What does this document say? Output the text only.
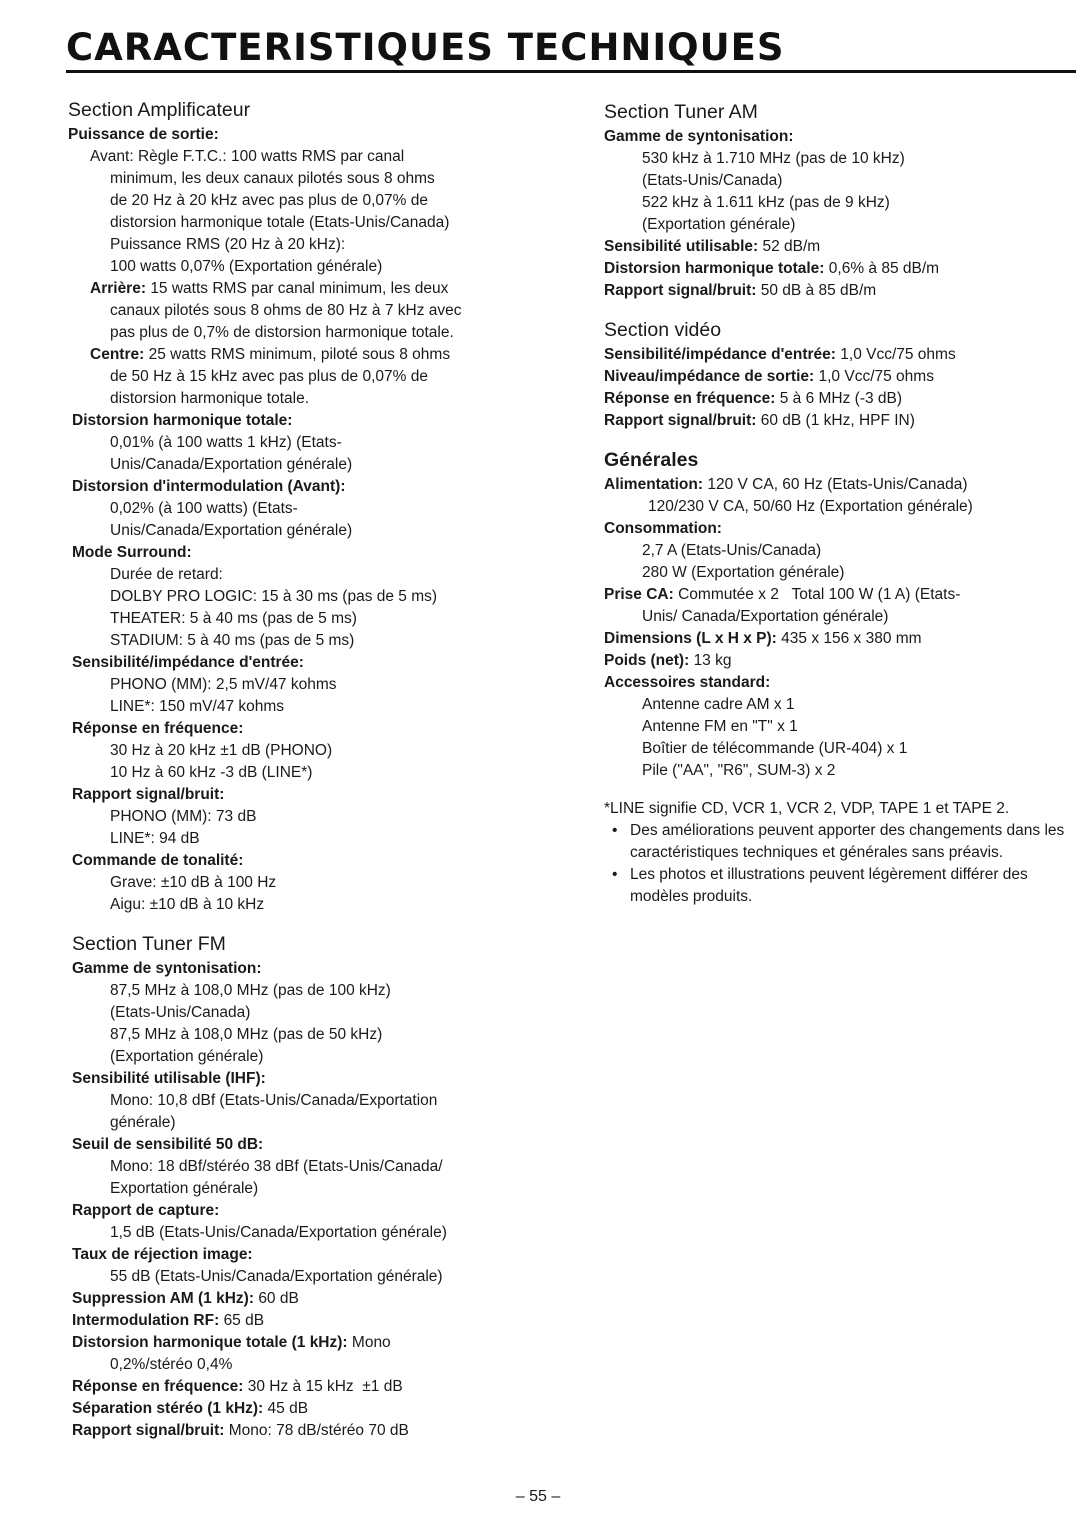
CARACTERISTIQUES TECHNIQUES
Section Amplificateur
Puissance de sortie:
Avant: Règle F.T.C.: 100 watts RMS par canal
minimum, les deux canaux pilotés sous 8 ohms
de 20 Hz à 20 kHz avec pas plus de 0,07% de
distorsion harmonique totale (Etats-Unis/Canada)
Puissance RMS (20 Hz à 20 kHz):
100 watts 0,07% (Exportation générale)
Arrière: 15 watts RMS par canal minimum, les deux
canaux pilotés sous 8 ohms de 80 Hz à 7 kHz avec
pas plus de 0,7% de distorsion harmonique totale.
Centre: 25 watts RMS minimum, piloté sous 8 ohms
de 50 Hz à 15 kHz avec pas plus de 0,07% de
distorsion harmonique totale.
Distorsion harmonique totale:
0,01% (à 100 watts 1 kHz) (Etats-
Unis/Canada/Exportation générale)
Distorsion d'intermodulation (Avant):
0,02% (à 100 watts) (Etats-
Unis/Canada/Exportation générale)
Mode Surround:
Durée de retard:
DOLBY PRO LOGIC: 15 à 30 ms (pas de 5 ms)
THEATER: 5 à 40 ms (pas de 5 ms)
STADIUM: 5 à 40 ms (pas de 5 ms)
Sensibilité/impédance d'entrée:
PHONO (MM): 2,5 mV/47 kohms
LINE*: 150 mV/47 kohms
Réponse en fréquence:
30 Hz à 20 kHz ±1 dB (PHONO)
10 Hz à 60 kHz -3 dB (LINE*)
Rapport signal/bruit:
PHONO (MM): 73 dB
LINE*: 94 dB
Commande de tonalité:
Grave: ±10 dB à 100 Hz
Aigu: ±10 dB à 10 kHz
Section Tuner FM
Gamme de syntonisation:
87,5 MHz à 108,0 MHz (pas de 100 kHz)
(Etats-Unis/Canada)
87,5 MHz à 108,0 MHz (pas de 50 kHz)
(Exportation générale)
Sensibilité utilisable (IHF):
Mono: 10,8 dBf (Etats-Unis/Canada/Exportation
générale)
Seuil de sensibilité 50 dB:
Mono: 18 dBf/stéréo 38 dBf (Etats-Unis/Canada/
Exportation générale)
Rapport de capture:
1,5 dB (Etats-Unis/Canada/Exportation générale)
Taux de réjection image:
55 dB (Etats-Unis/Canada/Exportation générale)
Suppression AM (1 kHz): 60 dB
Intermodulation RF: 65 dB
Distorsion harmonique totale (1 kHz): Mono
0,2%/stéréo 0,4%
Réponse en fréquence: 30 Hz à 15 kHz  ±1 dB
Séparation stéréo (1 kHz): 45 dB
Rapport signal/bruit: Mono: 78 dB/stéréo 70 dB
Section Tuner AM
Gamme de syntonisation:
530 kHz à 1.710 MHz (pas de 10 kHz)
(Etats-Unis/Canada)
522 kHz à 1.611 kHz (pas de 9 kHz)
(Exportation générale)
Sensibilité utilisable: 52 dB/m
Distorsion harmonique totale: 0,6% à 85 dB/m
Rapport signal/bruit: 50 dB à 85 dB/m
Section vidéo
Sensibilité/impédance d'entrée: 1,0 Vcc/75 ohms
Niveau/impédance de sortie: 1,0 Vcc/75 ohms
Réponse en fréquence: 5 à 6 MHz (-3 dB)
Rapport signal/bruit: 60 dB (1 kHz, HPF IN)
Générales
Alimentation: 120 V CA, 60 Hz (Etats-Unis/Canada)
120/230 V CA, 50/60 Hz (Exportation générale)
Consommation:
2,7 A (Etats-Unis/Canada)
280 W (Exportation générale)
Prise CA: Commutée x 2   Total 100 W (1 A) (Etats-
Unis/ Canada/Exportation générale)
Dimensions (L x H x P): 435 x 156 x 380 mm
Poids (net): 13 kg
Accessoires standard:
Antenne cadre AM x 1
Antenne FM en "T" x 1
Boîtier de télécommande (UR-404) x 1
Pile ("AA", "R6", SUM-3) x 2
*LINE signifie CD, VCR 1, VCR 2, VDP, TAPE 1 et TAPE 2.
• Des améliorations peuvent apporter des changements dans les caractéristiques techniques et générales sans préavis.
• Les photos et illustrations peuvent légèrement différer des modèles produits.
– 55 –
